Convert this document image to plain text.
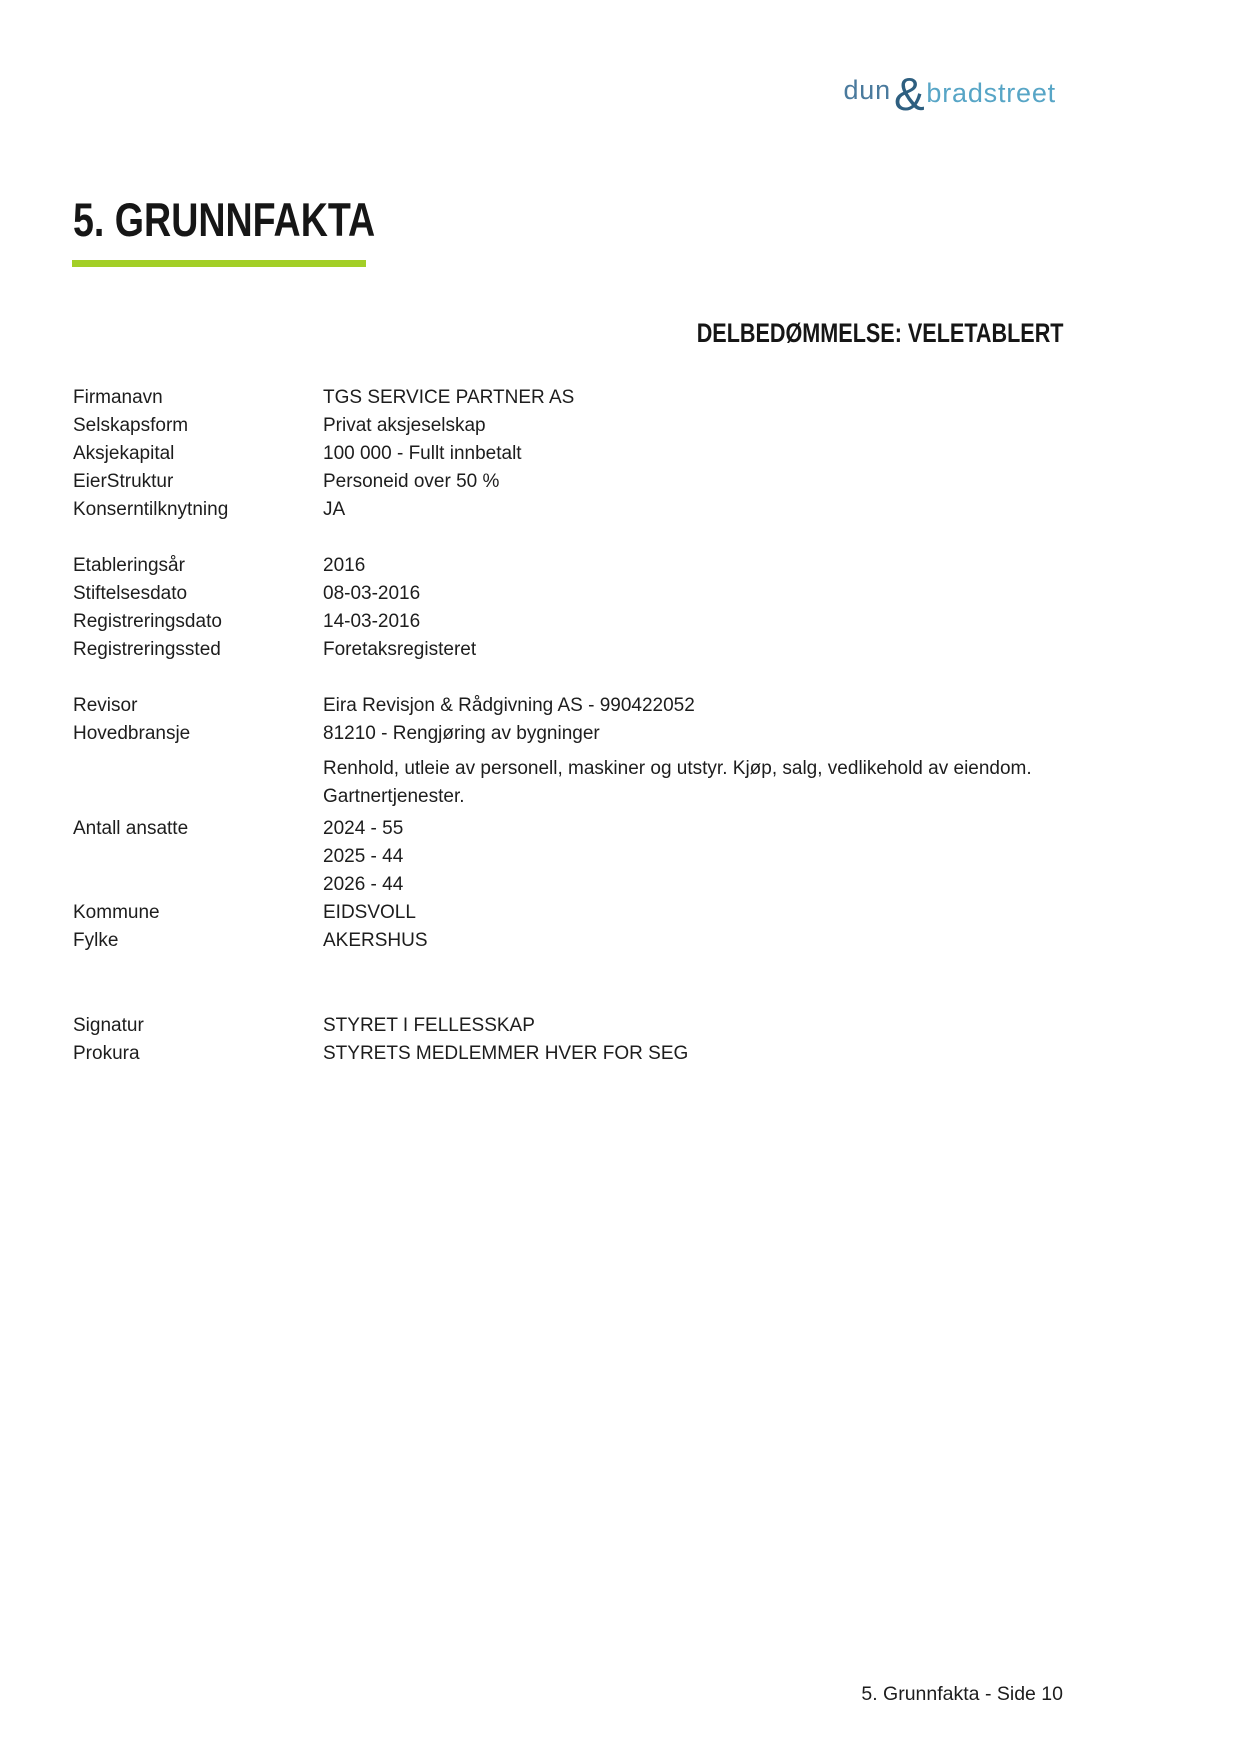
dun & bradstreet
5. GRUNNFAKTA
DELBEDØMMELSE: VELETABLERT
Firmanavn	TGS SERVICE PARTNER AS
Selskapsform	Privat aksjeselskap
Aksjekapital	100 000 - Fullt innbetalt
EierStruktur	Personeid over 50 %
Konserntilknytning	JA
Etableringsår	2016
Stiftelsesdato	08-03-2016
Registreringsdato	14-03-2016
Registreringssted	Foretaksregisteret
Revisor	Eira Revisjon & Rådgivning AS - 990422052
Hovedbransje	81210 - Rengjøring av bygninger
Renhold, utleie av personell, maskiner og utstyr. Kjøp, salg, vedlikehold av eiendom.
Gartnertjenester.
Antall ansatte	2024 - 55
2025 - 44
2026 - 44
Kommune	EIDSVOLL
Fylke	AKERSHUS
Signatur	STYRET I FELLESSKAP
Prokura	STYRETS MEDLEMMER HVER FOR SEG
5. Grunnfakta - Side 10
